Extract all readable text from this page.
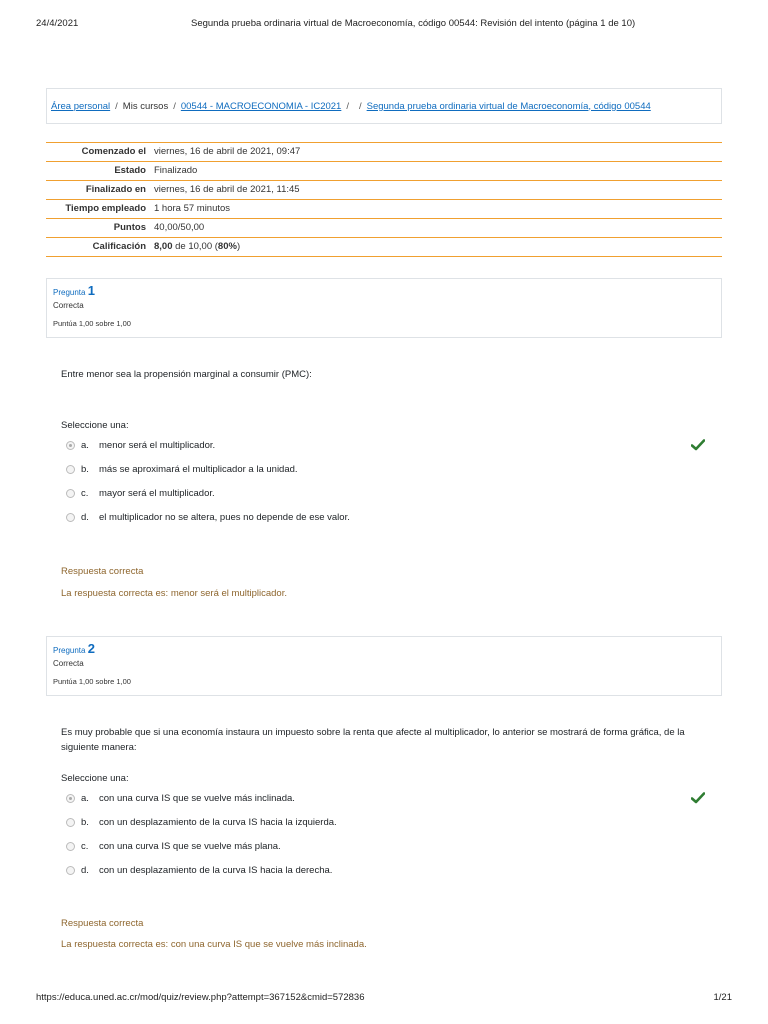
24/4/2021	Segunda prueba ordinaria virtual de Macroeconomía, código 00544: Revisión del intento (página 1 de 10)
Área personal / Mis cursos / 00544 - MACROECONOMIA - IC2021 / / Segunda prueba ordinaria virtual de Macroeconomía, código 00544
Comenzado el	viernes, 16 de abril de 2021, 09:47
Estado	Finalizado
Finalizado en	viernes, 16 de abril de 2021, 11:45
Tiempo empleado	1 hora 57 minutos
Puntos	40,00/50,00
Calificación	8,00 de 10,00 (80%)
Pregunta 1
Correcta
Puntúa 1,00 sobre 1,00
Entre menor sea la propensión marginal a consumir (PMC):
Seleccione una:
a.	menor será el multiplicador.
b.	más se aproximará el multiplicador a la unidad.
c.	mayor será el multiplicador.
d.	el multiplicador no se altera, pues no depende de ese valor.
Respuesta correcta
La respuesta correcta es: menor será el multiplicador.
Pregunta 2
Correcta
Puntúa 1,00 sobre 1,00
Es muy probable que si una economía instaura un impuesto sobre la renta que afecte al multiplicador, lo anterior se mostrará de forma gráfica, de la siguiente manera:
Seleccione una:
a.	con una curva IS que se vuelve más inclinada.
b.	con un desplazamiento de la curva IS hacia la izquierda.
c.	con una curva IS que se vuelve más plana.
d.	con un desplazamiento de la curva IS hacia la derecha.
Respuesta correcta
La respuesta correcta es: con una curva IS que se vuelve más inclinada.
https://educa.uned.ac.cr/mod/quiz/review.php?attempt=367152&cmid=572836	1/21
